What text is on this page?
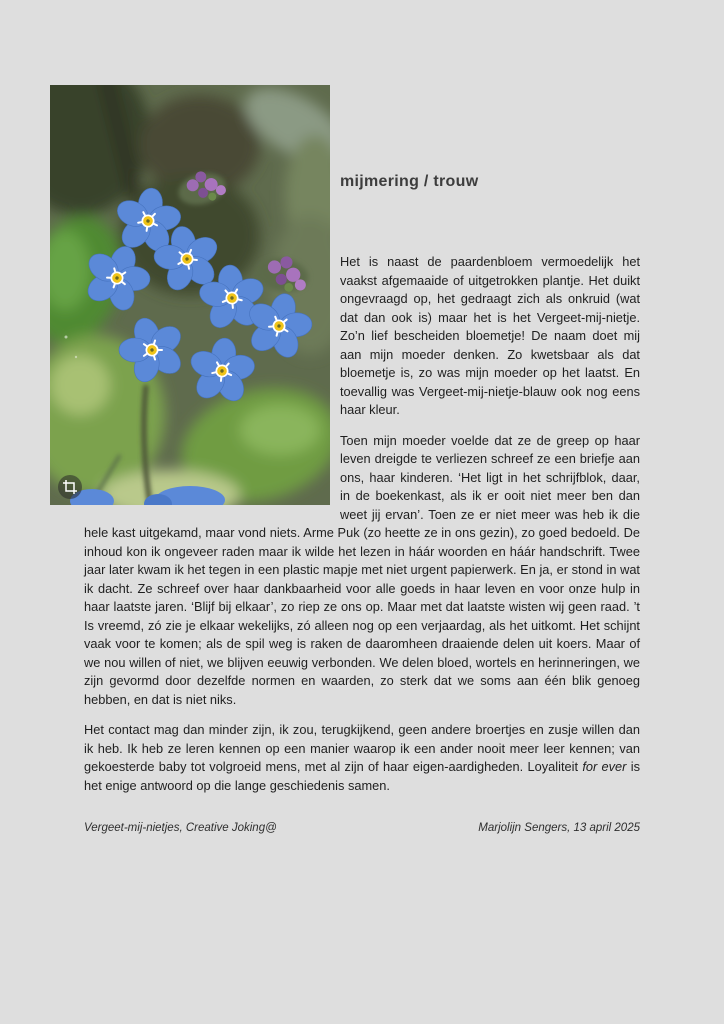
mijmering / trouw

Het is naast de paardenbloem vermoedelijk het vaakst afgemaaide of uitgetrokken plantje. Het duikt ongevraagd op, het gedraagt zich als onkruid (wat dat dan ook is) maar het is het Vergeet-mij-nietje. Zo’n lief bescheiden bloemetje! De naam doet mij aan mijn moeder denken. Zo kwetsbaar als dat bloemetje is, zo was mijn moeder op het laatst. En toevallig was Vergeet-mij-nietje-blauw ook nog eens haar kleur.

Toen mijn moeder voelde dat ze de greep op haar leven dreigde te verliezen schreef ze een briefje aan ons, haar kinderen. ‘Het ligt in het schrijfblok, daar, in de boekenkast, als ik er ooit niet meer ben dan weet jij ervan’. Toen ze er niet meer was heb ik die hele kast uitgekamd, maar vond niets. Arme Puk (zo heette ze in ons gezin), zo goed bedoeld. De inhoud kon ik ongeveer raden maar ik wilde het lezen in háár woorden en háár handschrift. Twee jaar later kwam ik het tegen in een plastic mapje met niet urgent papierwerk. En ja, er stond in wat ik dacht. Ze schreef over haar dankbaarheid voor alle goeds in haar leven en voor onze hulp in haar laatste jaren. ‘Blijf bij elkaar’, zo riep ze ons op. Maar met dat laatste wisten wij geen raad. ’t Is vreemd, zó zie je elkaar wekelijks, zó alleen nog op een verjaardag, als het uitkomt. Het schijnt vaak voor te komen; als de spil weg is raken de daaromheen draaiende delen uit koers. Maar of we nou willen of niet, we blijven eeuwig verbonden. We delen bloed, wortels en herinneringen, we zijn gevormd door dezelfde normen en waarden, zo sterk dat we soms aan één blik genoeg hebben, en dat is niet niks.

Het contact mag dan minder zijn, ik zou, terugkijkend, geen andere broertjes en zusje willen dan ik heb. Ik heb ze leren kennen op een manier waarop ik een ander nooit meer leer kennen; van gekoesterde baby tot volgroeid mens, met al zijn of haar eigen-aardigheden. Loyaliteit for ever is het enige antwoord op die lange geschiedenis samen.

Vergeet-mij-nietjes, Creative Joking@	Marjolijn Sengers, 13 april 2025
